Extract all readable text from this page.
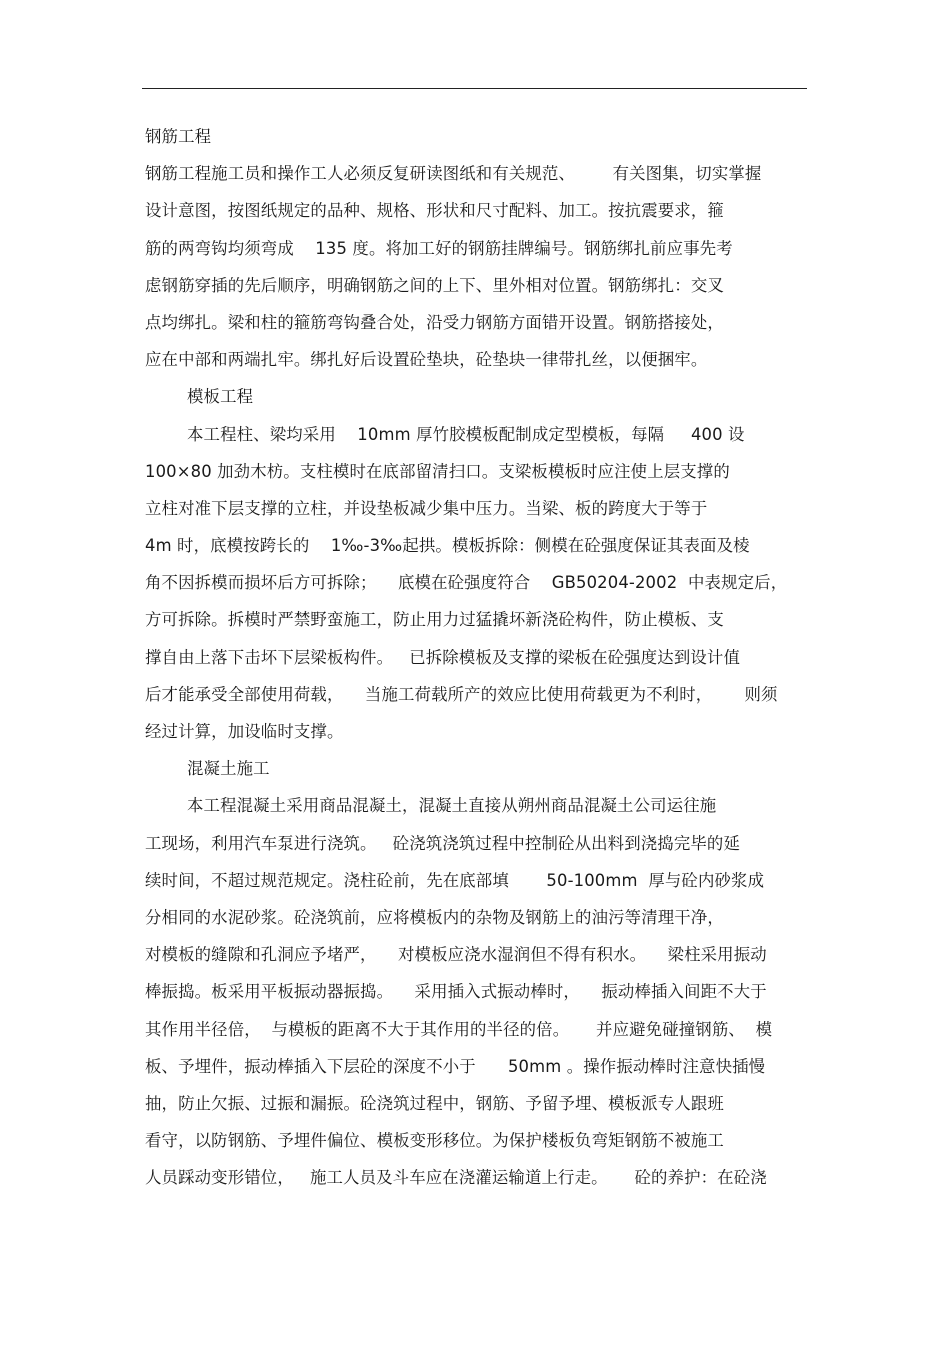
钢筋工程
钢筋工程施工员和操作工人必须反复研读图纸和有关规范、       有关图集，切实掌握
设计意图，按图纸规定的品种、规格、形状和尺寸配料、加工。按抗震要求，箍
筋的两弯钩均须弯成    135 度。将加工好的钢筋挂牌编号。钢筋绑扎前应事先考
虑钢筋穿插的先后顺序，明确钢筋之间的上下、里外相对位置。钢筋绑扎：交叉
点均绑扎。梁和柱的箍筋弯钩叠合处，沿受力钢筋方面错开设置。钢筋搭接处，
应在中部和两端扎牢。绑扎好后设置砼垫块，砼垫块一律带扎丝，以便捆牢。
模板工程
本工程柱、梁均采用    10mm 厚竹胶模板配制成定型模板，每隔     400 设
100×80 加劲木枋。支柱模时在底部留清扫口。支梁板模板时应注使上层支撑的
立柱对准下层支撑的立柱，并设垫板减少集中压力。当梁、板的跨度大于等于
4m 时，底模按跨长的    1‰-3‰起拱。模板拆除：侧模在砼强度保证其表面及棱
角不因拆模而损坏后方可拆除；    底模在砼强度符合    GB50204-2002  中表规定后，
方可拆除。拆模时严禁野蛮施工，防止用力过猛撬坏新浇砼构件，防止模板、支
撑自由上落下击坏下层梁板构件。   已拆除模板及支撑的梁板在砼强度达到设计值
后才能承受全部使用荷载，    当施工荷载所产的效应比使用荷载更为不利时，      则须
经过计算，加设临时支撑。
混凝土施工
本工程混凝土采用商品混凝土，混凝土直接从朔州商品混凝土公司运往施
工现场，利用汽车泵进行浇筑。   砼浇筑浇筑过程中控制砼从出料到浇捣完毕的延
续时间，不超过规范规定。浇柱砼前，先在底部填       50-100mm  厚与砼内砂浆成
分相同的水泥砂浆。砼浇筑前，应将模板内的杂物及钢筋上的油污等清理干净，
对模板的缝隙和孔洞应予堵严，    对模板应浇水湿润但不得有积水。    梁柱采用振动
棒振捣。板采用平板振动器振捣。    采用插入式振动棒时，    振动棒插入间距不大于
其作用半径倍，  与模板的距离不大于其作用的半径的倍。     并应避免碰撞钢筋、  模
板、予埋件，振动棒插入下层砼的深度不小于      50mm 。操作振动棒时注意快插慢
抽，防止欠振、过振和漏振。砼浇筑过程中，钢筋、予留予埋、模板派专人跟班
看守，以防钢筋、予埋件偏位、模板变形移位。为保护楼板负弯矩钢筋不被施工
人员踩动变形错位，   施工人员及斗车应在浇灌运输道上行走。     砼的养护：在砼浇
